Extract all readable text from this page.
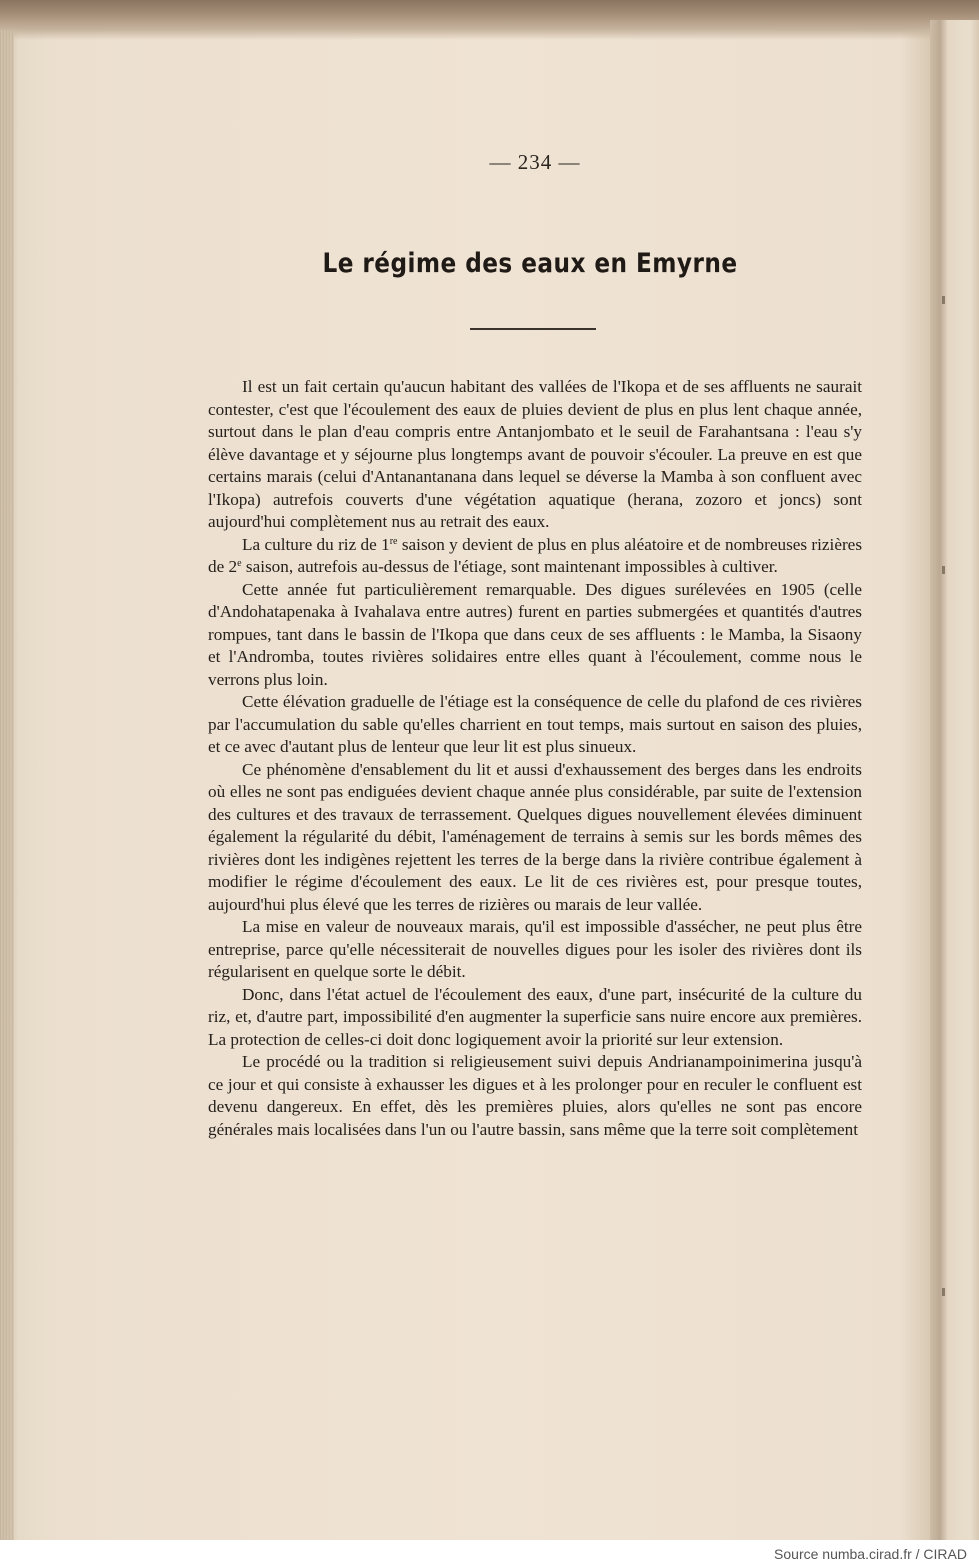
— 234 —
Le régime des eaux en Emyrne

Il est un fait certain qu'aucun habitant des vallées de l'Ikopa et de ses affluents ne saurait contester, c'est que l'écoulement des eaux de pluies devient de plus en plus lent chaque année, surtout dans le plan d'eau compris entre Antanjombato et le seuil de Farahantsana : l'eau s'y élève davantage et y séjourne plus longtemps avant de pouvoir s'écouler. La preuve en est que certains marais (celui d'Antanantanana dans lequel se déverse la Mamba à son confluent avec l'Ikopa) autrefois couverts d'une végétation aquatique (herana, zozoro et joncs) sont aujourd'hui complètement nus au retrait des eaux.

La culture du riz de 1re saison y devient de plus en plus aléatoire et de nombreuses rizières de 2e saison, autrefois au-dessus de l'étiage, sont maintenant impossibles à cultiver.

Cette année fut particulièrement remarquable. Des digues surélevées en 1905 (celle d'Andohatapenaka à Ivahalava entre autres) furent en parties submergées et quantités d'autres rompues, tant dans le bassin de l'Ikopa que dans ceux de ses affluents : le Mamba, la Sisaony et l'Andromba, toutes rivières solidaires entre elles quant à l'écoulement, comme nous le verrons plus loin.

Cette élévation graduelle de l'étiage est la conséquence de celle du plafond de ces rivières par l'accumulation du sable qu'elles charrient en tout temps, mais surtout en saison des pluies, et ce avec d'autant plus de lenteur que leur lit est plus sinueux.

Ce phénomène d'ensablement du lit et aussi d'exhaussement des berges dans les endroits où elles ne sont pas endiguées devient chaque année plus considérable, par suite de l'extension des cultures et des travaux de terrassement. Quelques digues nouvellement élevées diminuent également la régularité du débit, l'aménagement de terrains à semis sur les bords mêmes des rivières dont les indigènes rejettent les terres de la berge dans la rivière contribue également à modifier le régime d'écoulement des eaux. Le lit de ces rivières est, pour presque toutes, aujourd'hui plus élevé que les terres de rizières ou marais de leur vallée.

La mise en valeur de nouveaux marais, qu'il est impossible d'assécher, ne peut plus être entreprise, parce qu'elle nécessiterait de nouvelles digues pour les isoler des rivières dont ils régularisent en quelque sorte le débit.

Donc, dans l'état actuel de l'écoulement des eaux, d'une part, insécurité de la culture du riz, et, d'autre part, impossibilité d'en augmenter la superficie sans nuire encore aux premières. La protection de celles-ci doit donc logiquement avoir la priorité sur leur extension.

Le procédé ou la tradition si religieusement suivi depuis Andrianampoinimerina jusqu'à ce jour et qui consiste à exhausser les digues et à les prolonger pour en reculer le confluent est devenu dangereux. En effet, dès les premières pluies, alors qu'elles ne sont pas encore générales mais localisées dans l'un ou l'autre bassin, sans même que la terre soit complètement

Source numba.cirad.fr / CIRAD
